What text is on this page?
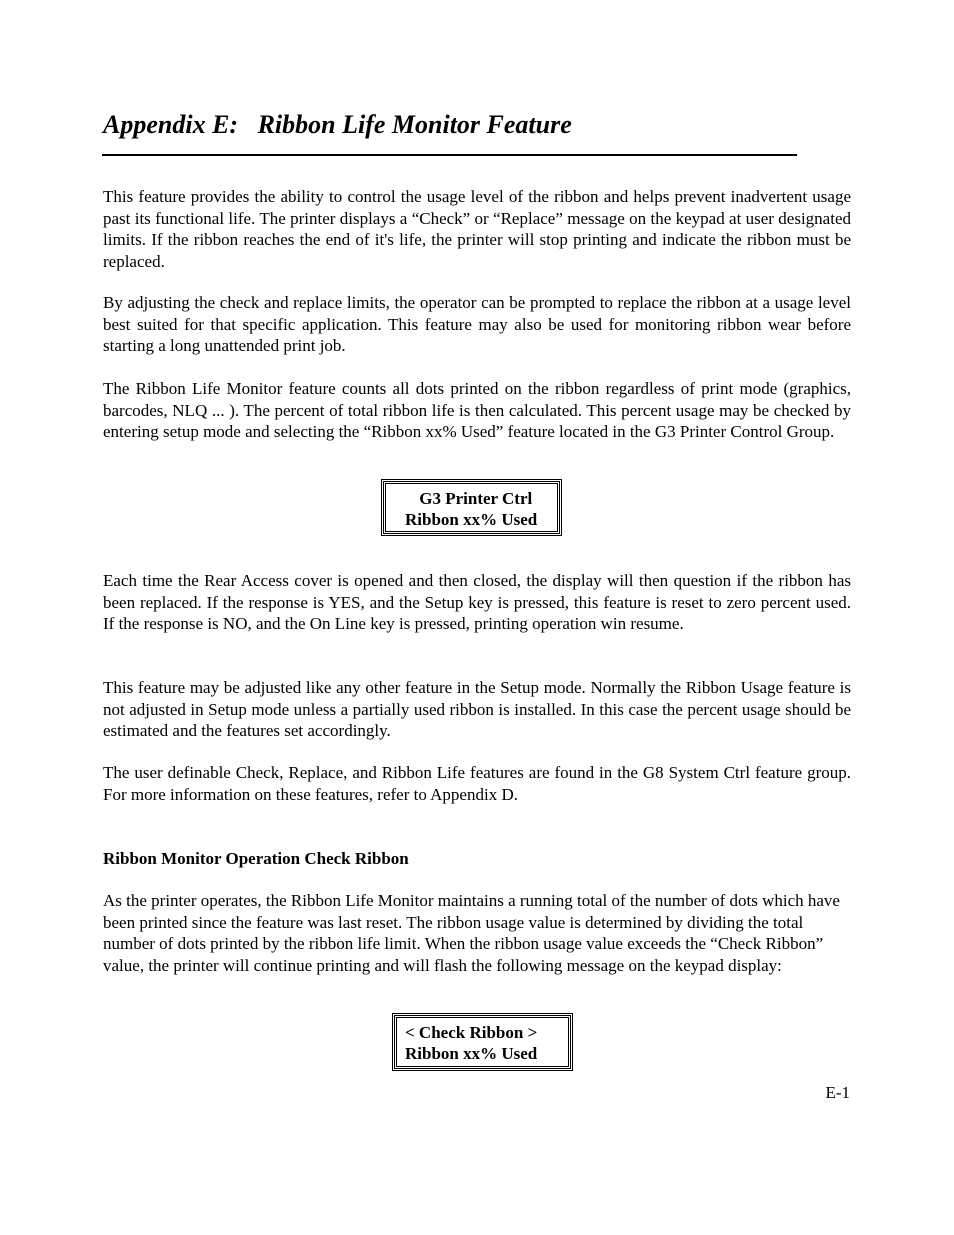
Appendix E:   Ribbon Life Monitor Feature

This feature provides the ability to control the usage level of the ribbon and helps prevent inadvertent usage past its functional life. The printer displays a “Check” or “Replace” message on the keypad at user designated limits. If the ribbon reaches the end of it's life, the printer will stop printing and indicate the ribbon must be replaced.

By adjusting the check and replace limits, the operator can be prompted to replace the ribbon at a usage level best suited for that specific application. This feature may also be used for monitoring ribbon wear before starting a long unattended print job.

The Ribbon Life Monitor feature counts all dots printed on the ribbon regardless of print mode (graphics, barcodes, NLQ ... ). The percent of total ribbon life is then calculated. This percent usage may be checked by entering setup mode and selecting the “Ribbon xx% Used” feature located in the G3 Printer Control Group.

G3 Printer Ctrl
Ribbon xx% Used

Each time the Rear Access cover is opened and then closed, the display will then question if the ribbon has been replaced. If the response is YES, and the Setup key is pressed, this feature is reset to zero percent used. If the response is NO, and the On Line key is pressed, printing operation win resume.

This feature may be adjusted like any other feature in the Setup mode. Normally the Ribbon Usage feature is not adjusted in Setup mode unless a partially used ribbon is installed. In this case the percent usage should be estimated and the features set accordingly.

The user definable Check, Replace, and Ribbon Life features are found in the G8 System Ctrl feature group. For more information on these features, refer to Appendix D.

Ribbon Monitor Operation Check Ribbon

As the printer operates, the Ribbon Life Monitor maintains a running total of the number of dots which have been printed since the feature was last reset. The ribbon usage value is determined by dividing the total number of dots printed by the ribbon life limit. When the ribbon usage value exceeds the “Check Ribbon” value, the printer will continue printing and will flash the following message on the keypad display:

< Check Ribbon >
Ribbon xx% Used

E-1
